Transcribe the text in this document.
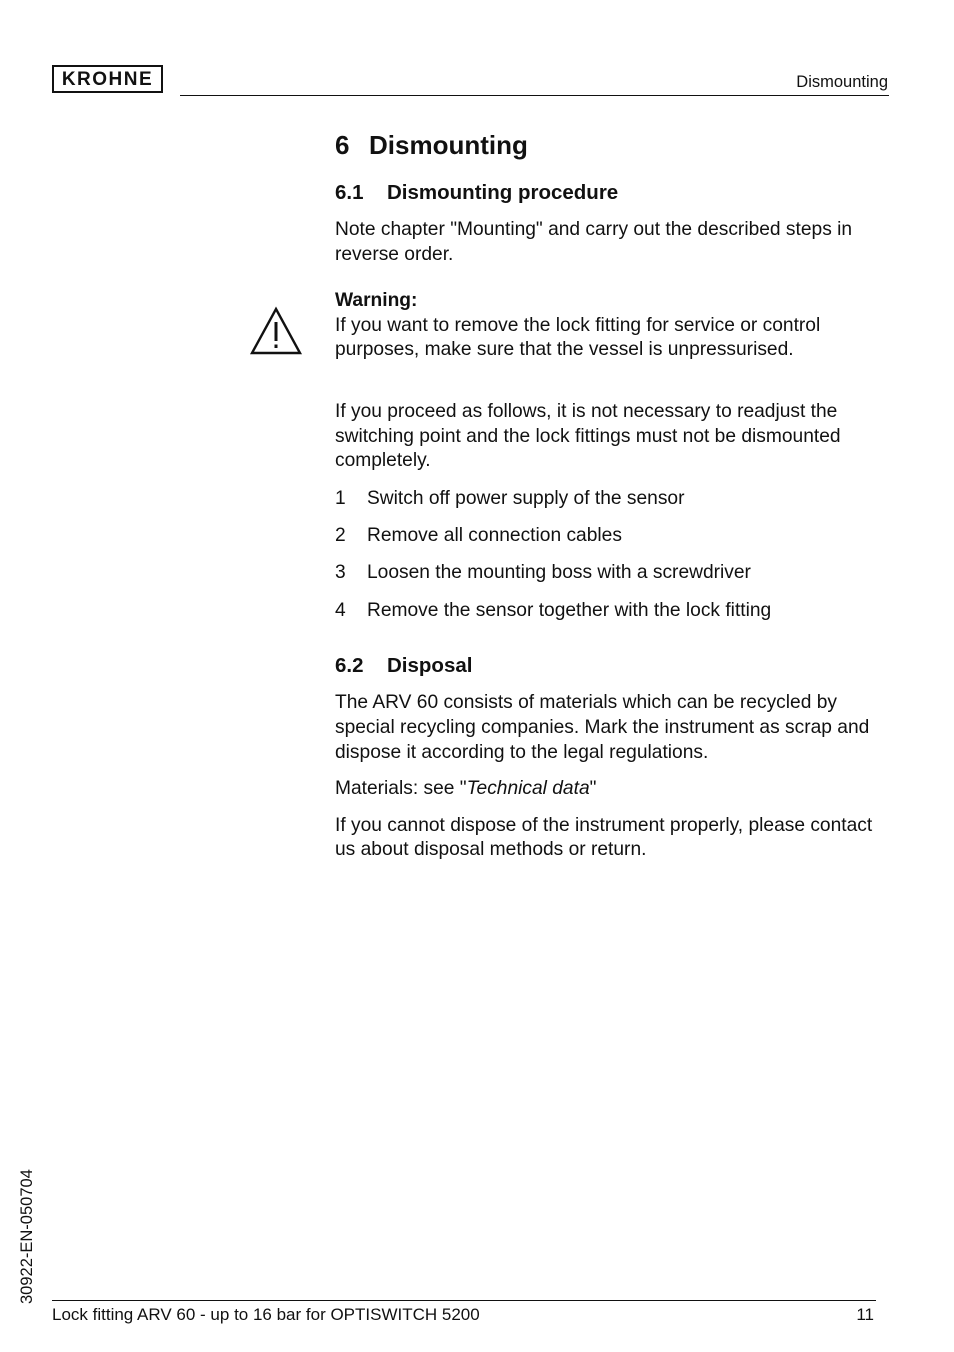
KROHNE	Dismounting
6 Dismounting
6.1 Dismounting procedure

Note chapter "Mounting" and carry out the described steps in reverse order.

Warning:

If you want to remove the lock fitting for service or control purposes, make sure that the vessel is unpressurised.

If you proceed as follows, it is not necessary to readjust the switching point and the lock fittings must not be dismounted completely.

1	Switch off power supply of the sensor
2	Remove all connection cables
3	Loosen the mounting boss with a screwdriver
4	Remove the sensor together with the lock fitting
6.2 Disposal

The ARV 60 consists of materials which can be recycled by special recycling companies. Mark the instrument as scrap and dispose it according to the legal regulations.

Materials: see "Technical data"

If you cannot dispose of the instrument properly, please contact us about disposal methods or return.

30922-EN-050704
Lock fitting ARV 60 - up to 16 bar for OPTISWITCH 5200	11
